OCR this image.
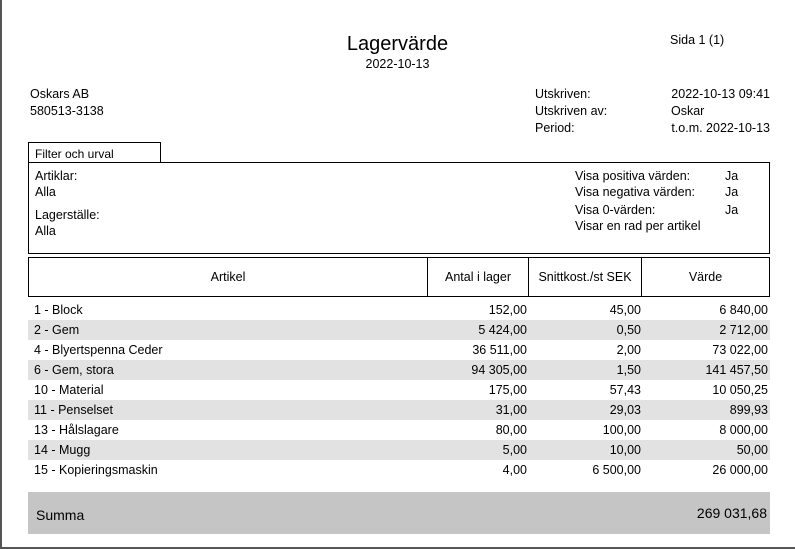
Lagervärde
2022-10-13
Sida 1 (1)
Oskars AB
580513-3138
Utskriven:	2022-10-13 09:41
Utskriven av:	Oskar
Period:	t.o.m. 2022-10-13
Filter och urval
Artiklar:
Alla
Lagerställe:
Alla
Visa positiva värden:	Ja
Visa negativa värden: Ja
Visa 0-värden:	Ja
Visar en rad per artikel
Artikel	Antal i lager	Snittkost./st SEK	Värde
1 - Block	152,00	45,00	6 840,00
2 - Gem	5 424,00	0,50	2 712,00
4 - Blyertspenna Ceder	36 511,00	2,00	73 022,00
6 - Gem, stora	94 305,00	1,50	141 457,50
10 - Material	175,00	57,43	10 050,25
11 - Penselset	31,00	29,03	899,93
13 - Hålslagare	80,00	100,00	8 000,00
14 - Mugg	5,00	10,00	50,00
15 - Kopieringsmaskin	4,00	6 500,00	26 000,00
Summa	269 031,68
